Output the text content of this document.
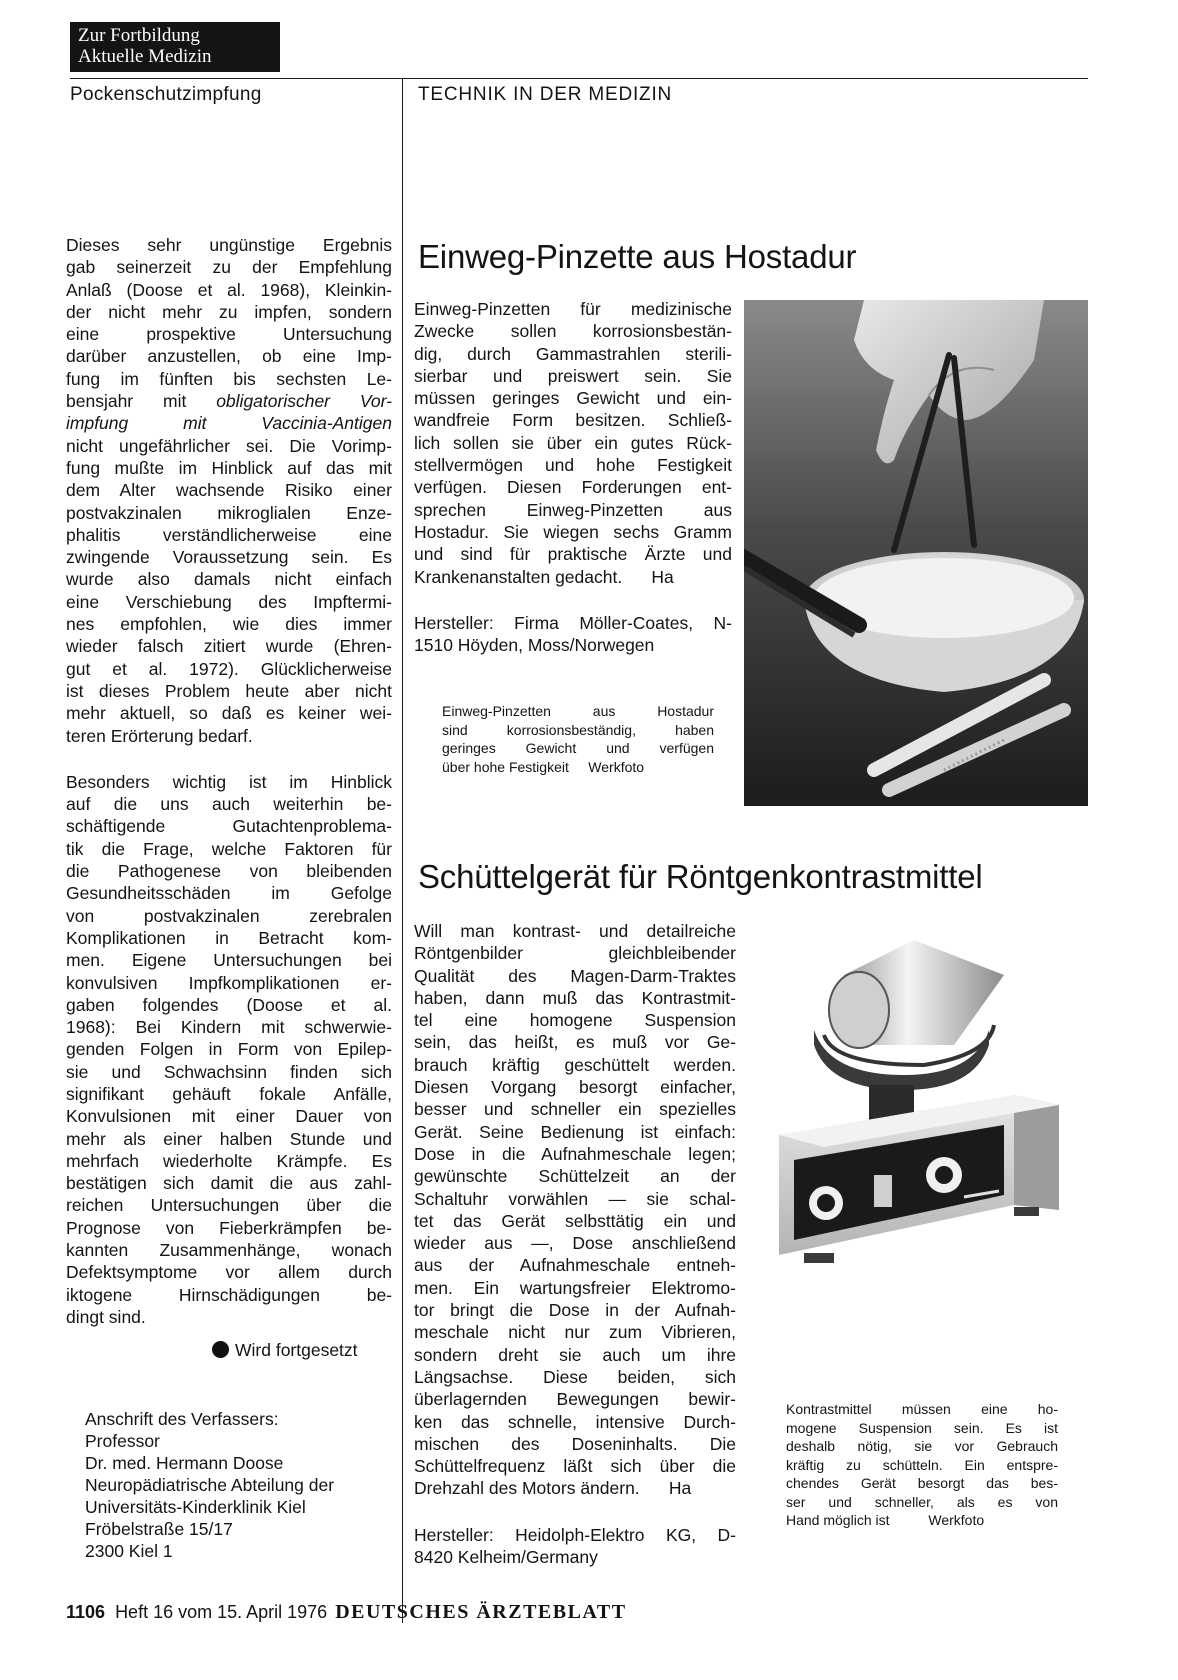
Zur Fortbildung
Aktuelle Medizin
Pockenschutzimpfung	TECHNIK IN DER MEDIZIN
Dieses sehr ungünstige Ergebnis
gab seinerzeit zu der Empfehlung
Anlaß (Doose et al. 1968), Kleinkin-
der nicht mehr zu impfen, sondern
eine prospektive Untersuchung
darüber anzustellen, ob eine Imp-
fung im fünften bis sechsten Le-
bensjahr mit obligatorischer Vor-
impfung mit Vaccinia-Antigen
nicht ungefährlicher sei. Die Vorimp-
fung mußte im Hinblick auf das mit
dem Alter wachsende Risiko einer
postvakzinalen mikroglialen Enze-
phalitis verständlicherweise eine
zwingende Voraussetzung sein. Es
wurde also damals nicht einfach
eine Verschiebung des Impftermi-
nes empfohlen, wie dies immer
wieder falsch zitiert wurde (Ehren-
gut et al. 1972). Glücklicherweise
ist dieses Problem heute aber nicht
mehr aktuell, so daß es keiner wei-
teren Erörterung bedarf.
Besonders wichtig ist im Hinblick
auf die uns auch weiterhin be-
schäftigende Gutachtenproblema-
tik die Frage, welche Faktoren für
die Pathogenese von bleibenden
Gesundheitsschäden im Gefolge
von postvakzinalen zerebralen
Komplikationen in Betracht kom-
men. Eigene Untersuchungen bei
konvulsiven Impfkomplikationen er-
gaben folgendes (Doose et al.
1968): Bei Kindern mit schwerwie-
genden Folgen in Form von Epilep-
sie und Schwachsinn finden sich
signifikant gehäuft fokale Anfälle,
Konvulsionen mit einer Dauer von
mehr als einer halben Stunde und
mehrfach wiederholte Krämpfe. Es
bestätigen sich damit die aus zahl-
reichen Untersuchungen über die
Prognose von Fieberkrämpfen be-
kannten Zusammenhänge, wonach
Defektsymptome vor allem durch
iktogene Hirnschädigungen be-
dingt sind.
Wird fortgesetzt
Anschrift des Verfassers:
Professor
Dr. med. Hermann Doose
Neuropädiatrische Abteilung der
Universitäts-Kinderklinik Kiel
Fröbelstraße 15/17
2300 Kiel 1
Einweg-Pinzette aus Hostadur
Einweg-Pinzetten für medizinische
Zwecke sollen korrosionsbestän-
dig, durch Gammastrahlen sterili-
sierbar und preiswert sein. Sie
müssen geringes Gewicht und ein-
wandfreie Form besitzen. Schließ-
lich sollen sie über ein gutes Rück-
stellvermögen und hohe Festigkeit
verfügen. Diesen Forderungen ent-
sprechen Einweg-Pinzetten aus
Hostadur. Sie wiegen sechs Gramm
und sind für praktische Ärzte und
Krankenanstalten gedacht.      Ha
Hersteller: Firma Möller-Coates, N-
1510 Höyden, Moss/Norwegen
Einweg-Pinzetten aus Hostadur
sind korrosionsbeständig, haben
geringes Gewicht und verfügen
über hohe Festigkeit     Werkfoto
Schüttelgerät für Röntgenkontrastmittel
Will man kontrast- und detailreiche
Röntgenbilder gleichbleibender
Qualität des Magen-Darm-Traktes
haben, dann muß das Kontrastmit-
tel eine homogene Suspension
sein, das heißt, es muß vor Ge-
brauch kräftig geschüttelt werden.
Diesen Vorgang besorgt einfacher,
besser und schneller ein spezielles
Gerät. Seine Bedienung ist einfach:
Dose in die Aufnahmeschale legen;
gewünschte Schüttelzeit an der
Schaltuhr vorwählen — sie schal-
tet das Gerät selbsttätig ein und
wieder aus —, Dose anschließend
aus der Aufnahmeschale entneh-
men. Ein wartungsfreier Elektromo-
tor bringt die Dose in der Aufnah-
meschale nicht nur zum Vibrieren,
sondern dreht sie auch um ihre
Längsachse. Diese beiden, sich
überlagernden Bewegungen bewir-
ken das schnelle, intensive Durch-
mischen des Doseninhalts. Die
Schüttelfrequenz läßt sich über die
Drehzahl des Motors ändern.      Ha
Hersteller: Heidolph-Elektro KG, D-
8420 Kelheim/Germany
Kontrastmittel müssen eine ho-
mogene Suspension sein. Es ist
deshalb nötig, sie vor Gebrauch
kräftig zu schütteln. Ein entspre-
chendes Gerät besorgt das bes-
ser und schneller, als es von
Hand möglich ist          Werkfoto
1106 Heft 16 vom 15. April 1976 DEUTSCHES ÄRZTEBLATT
